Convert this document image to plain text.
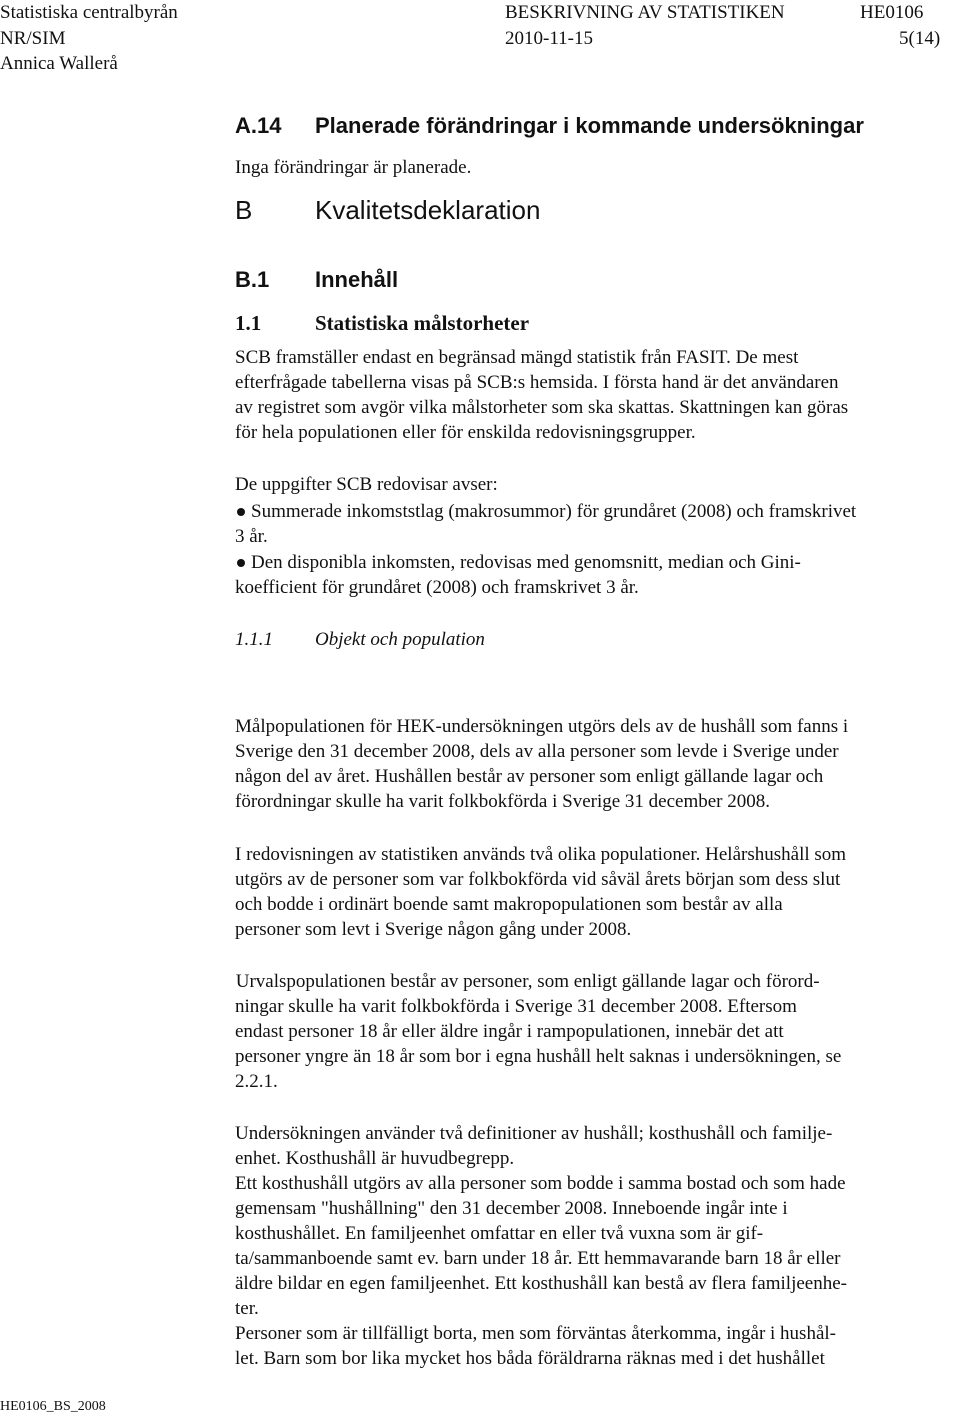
Statistiska centralbyrån	BESKRIVNING AV STATISTIKEN	HE0106
NR/SIM	2010-11-15	5(14)
Annica Wallerå
A.14 Planerade förändringar i kommande undersökningar
Inga förändringar är planerade.
B Kvalitetsdeklaration
B.1 Innehåll
1.1	Statistiska målstorheter
SCB framställer endast en begränsad mängd statistik från FASIT. De mest
efterfrågade tabellerna visas på SCB:s hemsida. I första hand är det användaren
av registret som avgör vilka målstorheter som ska skattas. Skattningen kan göras
för hela populationen eller för enskilda redovisningsgrupper.
De uppgifter SCB redovisar avser:
Summerade inkomststlag (makrosummor) för grundåret (2008) och framskrivet
3 år.
Den disponibla inkomsten, redovisas med genomsnitt, median och Gini-
koefficient för grundåret (2008) och framskrivet 3 år.
1.1.1 Objekt och population
Målpopulationen för HEK-undersökningen utgörs dels av de hushåll som fanns i
Sverige den 31 december 2008, dels av alla personer som levde i Sverige under
någon del av året. Hushållen består av personer som enligt gällande lagar och
förordningar skulle ha varit folkbokförda i Sverige 31 december 2008.
I redovisningen av statistiken används två olika populationer. Helårshushåll som
utgörs av de personer som var folkbokförda vid såväl årets början som dess slut
och bodde i ordinärt boende samt makropopulationen som består av alla
personer som levt i Sverige någon gång under 2008.
Urvalspopulationen består av personer, som enligt gällande lagar och förord-
ningar skulle ha varit folkbokförda i Sverige 31 december 2008. Eftersom
endast personer 18 år eller äldre ingår i rampopulationen, innebär det att
personer yngre än 18 år som bor i egna hushåll helt saknas i undersökningen, se
2.2.1.
Undersökningen använder två definitioner av hushåll; kosthushåll och familje-
enhet. Kosthushåll är huvudbegrepp.
Ett kosthushåll utgörs av alla personer som bodde i samma bostad och som hade
gemensam "hushållning" den 31 december 2008. Inneboende ingår inte i
kosthushållet. En familjeenhet omfattar en eller två vuxna som är gif-
ta/sammanboende samt ev. barn under 18 år. Ett hemmavarande barn 18 år eller
äldre bildar en egen familjeenhet. Ett kosthushåll kan bestå av flera familjeenhe-
ter.
Personer som är tillfälligt borta, men som förväntas återkomma, ingår i hushål-
let. Barn som bor lika mycket hos båda föräldrarna räknas med i det hushållet
HE0106_BS_2008
